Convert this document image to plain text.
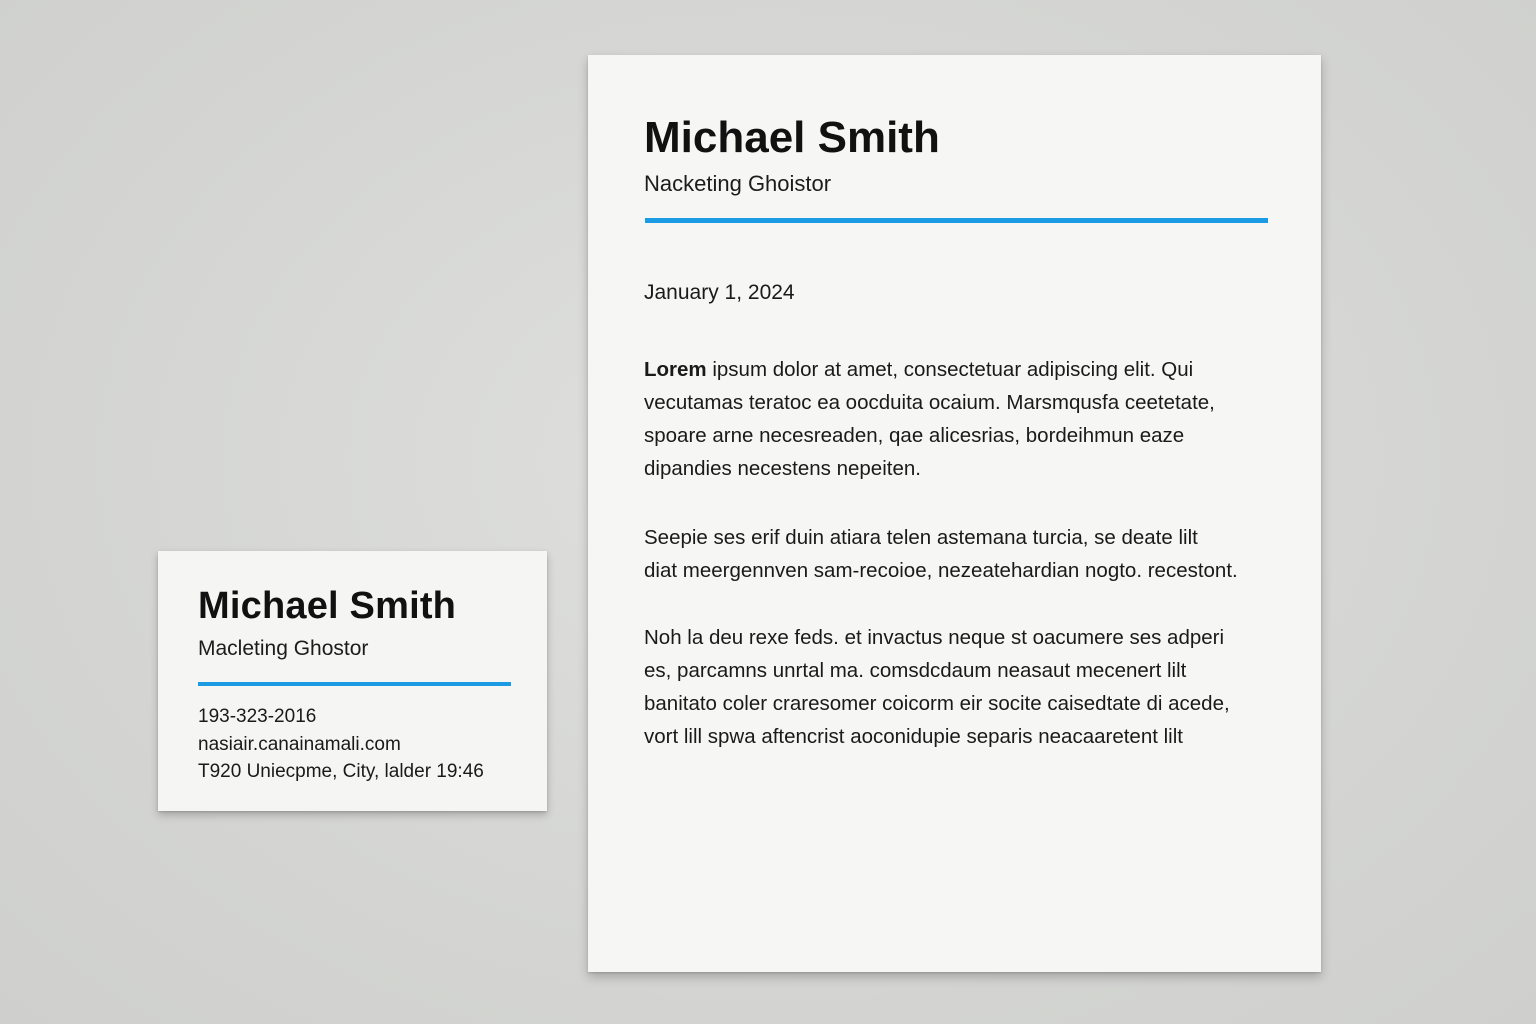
Michael Smith
Macleting Ghostor
193-323-2016
nasiair.canainamali.com
T920 Uniecpme, City, lalder 19:46
Michael Smith
Nacketing Ghoistor
January 1, 2024
Lorem ipsum dolor at amet, consectetuar adipiscing elit. Qui
vecutamas teratoc ea oocduita ocaium. Marsmqusfa ceetetate,
spoare arne necesreaden, qae alicesrias, bordeihmun eaze
dipandies necestens nepeiten.
Seepie ses erif duin atiara telen astemana turcia, se deate lilt
diat meergennven sam-recoioe, nezeatehardian nogto. recestont.
Noh la deu rexe feds. et invactus neque st oacumere ses adperi
es, parcamns unrtal ma. comsdcdaum neasaut mecenert lilt
banitato coler craresomer coicorm eir socite caisedtate di acede,
vort lill spwa aftencrist aoconidupie separis neacaaretent lilt
